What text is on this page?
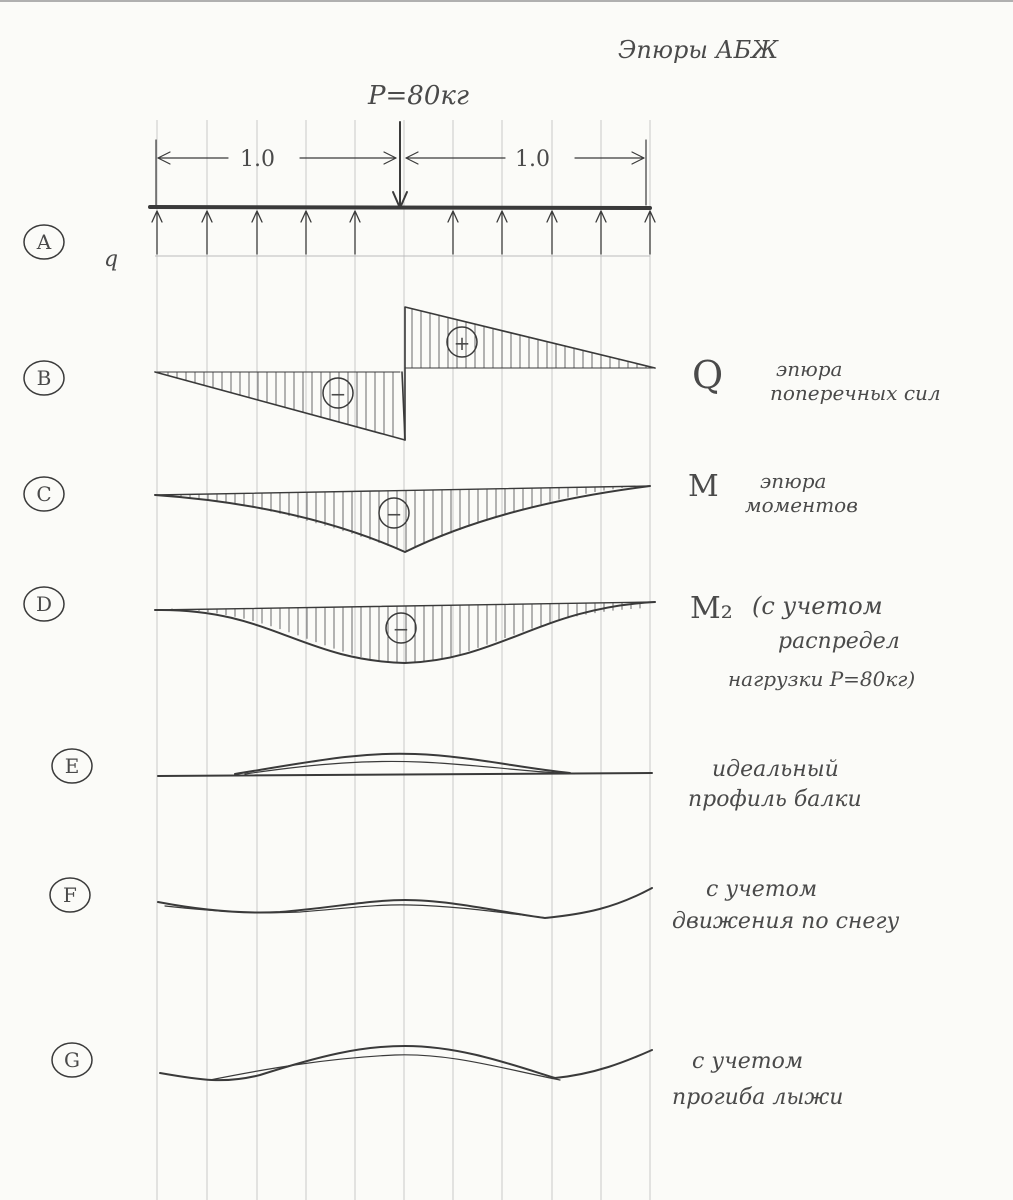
Эпюры АБЖ
P=80кг
1.0	1.0
q
A
B
C
D
E
F
G
−
+
−
−
Q	эпюра
поперечных сил
M эпюра
моментов
M₂ (с учетом
распредел
нагрузки P=80кг)
идеальный
профиль балки
с учетом
движения по снегу
с учетом
прогиба лыжи
